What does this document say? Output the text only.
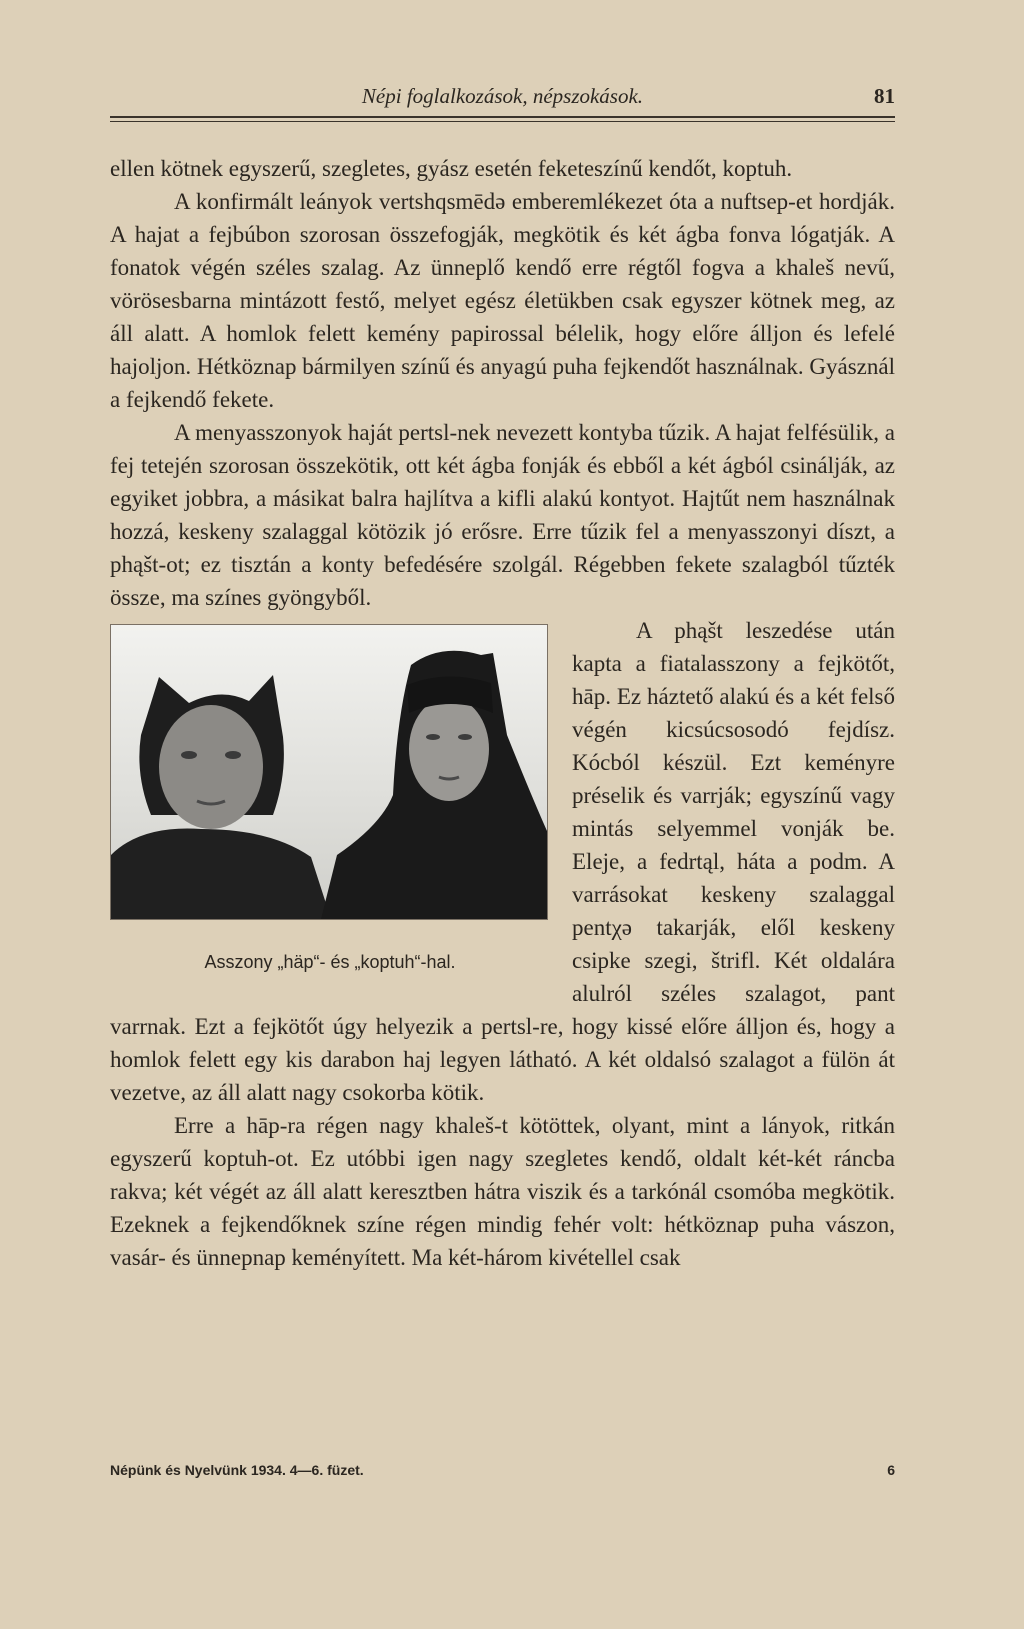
Népi foglalkozások, népszokások.	81

ellen kötnek egyszerű, szegletes, gyász esetén feketeszínű kendőt, koptuh.

A konfirmált leányok vertshqsmēdə emberemlékezet óta a nuftsep-et hordják. A hajat a fejbúbon szorosan összefogják, megkötik és két ágba fonva lógatják. A fonatok végén széles szalag. Az ünneplő kendő erre régtől fogva a khaleš nevű, vörösesbarna mintázott festő, melyet egész életükben csak egyszer kötnek meg, az áll alatt. A homlok felett kemény papirossal bélelik, hogy előre álljon és lefelé hajoljon. Hétköznap bármilyen színű és anyagú puha fejkendőt használnak. Gyásznál a fejkendő fekete.

A menyasszonyok haját pertsl-nek nevezett kontyba tűzik. A hajat felfésülik, a fej tetején szorosan összekötik, ott két ágba fonják és ebből a két ágból csinálják, az egyiket jobbra, a másikat balra hajlítva a kifli alakú kontyot. Hajtűt nem használnak hozzá, keskeny szalaggal kötözik jó erősre. Erre tűzik fel a menyasszonyi díszt, a phąšt-ot; ez tisztán a konty befedésére szolgál. Régebben fekete szalagból tűzték össze, ma színes gyöngyből.

Asszony „häp“- és „koptuh“-hal.

A phąšt leszedése után kapta a fiatalasszony a fejkötőt, hāp. Ez háztető alakú és a két felső végén kicsúcsosodó fejdísz. Kócból készül. Ezt keményre préselik és varrják; egyszínű vagy mintás selyemmel vonják be. Eleje, a fedrtąl, háta a podm. A varrásokat keskeny szalaggal pentχə takarják, elől keskeny csipke szegi, štrifl. Két oldalára alulról széles szalagot, pant varrnak. Ezt a fejkötőt úgy helyezik a pertsl-re, hogy kissé előre álljon és, hogy a homlok felett egy kis darabon haj legyen látható. A két oldalsó szalagot a fülön át vezetve, az áll alatt nagy csokorba kötik.

Erre a hāp-ra régen nagy khaleš-t kötöttek, olyant, mint a lányok, ritkán egyszerű koptuh-ot. Ez utóbbi igen nagy szegletes kendő, oldalt két-két ráncba rakva; két végét az áll alatt keresztben hátra viszik és a tarkónál csomóba megkötik. Ezeknek a fejkendőknek színe régen mindig fehér volt: hétköznap puha vászon, vasár- és ünnepnap keményített. Ma két-három kivétellel csak

Népünk és Nyelvünk 1934. 4—6. füzet.	6
